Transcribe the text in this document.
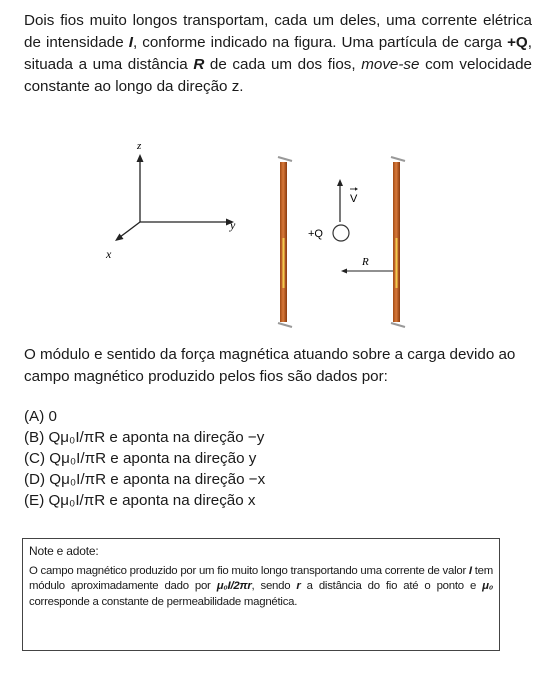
Dois fios muito longos transportam, cada um deles, uma corrente elétrica de intensidade I, conforme indicado na figura. Uma partícula de carga +Q, situada a uma distância R de cada um dos fios, move-se com velocidade constante ao longo da direção z.

z
y
x
V
+Q
R

O módulo e sentido da força magnética atuando sobre a carga devido ao campo magnético produzido pelos fios são dados por:

(A) 0
(B) Qμ₀I/πR e aponta na direção −y
(C) Qμ₀I/πR e aponta na direção y
(D) Qμ₀I/πR e aponta na direção −x
(E) Qμ₀I/πR e aponta na direção x

Note e adote:

O campo magnético produzido por um fio muito longo transportando uma corrente de valor I tem módulo aproximadamente dado por μ₀I/2πr, sendo r a distância do fio até o ponto e μ₀ corresponde a constante de permeabilidade magnética.
